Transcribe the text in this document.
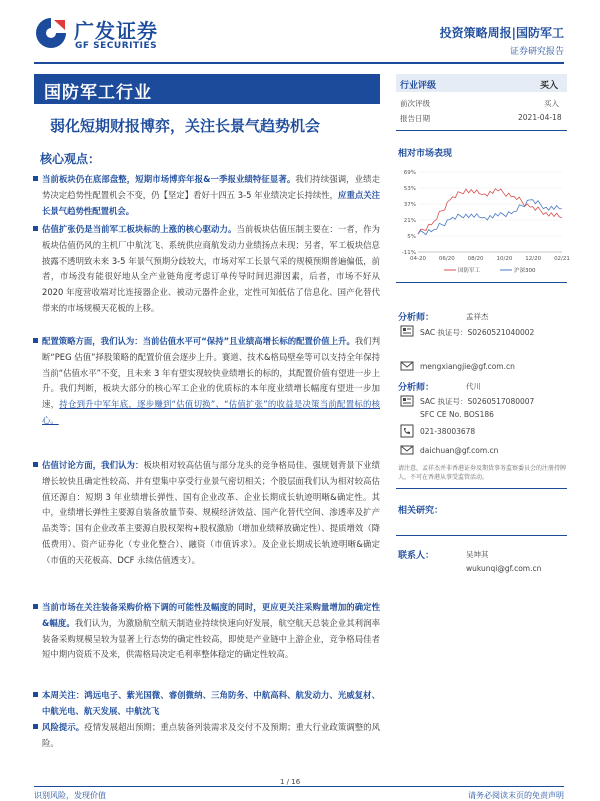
广发证券
GF SECURITIES
投资策略周报|国防军工
证券研究报告
国防军工行业
弱化短期财报博弈，关注长景气趋势机会
核心观点：
当前板块仍在底部盘整，短期市场博弈年报&一季报业绩特征显著。我们持续强调，业绩走势决定趋势性配置机会不变，仍【坚定】看好十四五 3-5 年业绩决定长持续性，应重点关注长景气趋势性配置机会。
估值扩张仍是当前军工板块标的上涨的核心驱动力。当前板块估值压制主要在：一者，作为板块估值仍风的主机厂中航沈飞、系统供应商航发动力业绩扬点未现；另者，军工板块信息披露不透明致未来 3-5 年景气预期分歧较大，市场对军工长景气采的规模预期普遍偏低，前者，市场没有能很好地从全产业链角度考虑订单传导时间迟滞因素，后者，市场不好从 2020 年度营收端对比连接器企业、被动元器件企业，定性可知低估了信息化、国产化替代带来的市场规模天花板的上移。
配置策略方面，我们认为：当前估值水平可“保持”且业绩高增长标的配置价值上升。我们判断“PEG 估值”择股策略的配置价值会逐步上升。赛道、技术&格局壁垒等可以支持全年保持当前“估值水平”不变，且未来 3 年有望实现较快业绩增长的标的，其配置价值有望进一步上升。我们判断，板块大部分的核心军工企业的优质标的本年度业绩增长幅度有望进一步加速，持仓到升中军年底，逐步赚到“估值切换”、“估值扩张”的收益是决策当前配置标的核心。
估值讨论方面，我们认为：板块相对较高估值与部分龙头的竞争格局佳、强规划背景下业绩增长较快且确定性较高、并有望集中享受行业景气密切相关；个股层面我们认为相对较高估值还源自：短期 3 年业绩增长弹性、国有企业改革、企业长期成长轨迹明晰&确定性。其中，业绩增长弹性主要源自装备放量节奏、规模经济效益、国产化替代空间、渗透率及扩产品类等；国有企业改革主要源自股权架构+股权激励（增加业绩释放确定性）、提质增效（降低费用）、资产证券化（专业化整合）、融资（市值诉求）。及企业长期成长轨迹明晰&确定（市值的天花板高、DCF 永续估值透支）。
当前市场在关注装备采购价格下调的可能性及幅度的同时，更应更关注采购量增加的确定性&幅度。我们认为，为激励航空航天制造业持续快速向好发展，航空航天总装企业其利润率装备采购规模呈较为显著上行态势的确定性较高，即使是产业链中上游企业，竞争格局佳者短中期内资质不及来，供需格局决定毛利率整体稳定的确定性较高。
本周关注：鸿远电子、紫光国微、睿创微纳、三角防务、中航高科、航发动力、光威复材、中航光电、航天发展、中航沈飞
风险提示。疫情发展超出预期；重点装备列装需求及交付不及预期；重大行业政策调整的风险。
行业评级	买入
前次评级	买入
报告日期	2021-04-18
相对市场表现
69%
53%
37%
21%
5%
-11%
04-20 06/20 08/20 10/20 12/20 02/21
国防军工	沪深300
分析师：	孟祥杰
SAC 执证号：S0260521040002
mengxiangjie@gf.com.cn
分析师：	代川
SAC 执证号：S0260517080007
SFC CE No. BOS186
021-38003678
daichuan@gf.com.cn
请注意，孟祥杰并非香港证券及期货事务监察委员会的注册持牌人，不可在香港从事受监管活动。
相关研究：
联系人：	吴坤其
wukunqi@gf.com.cn
1 / 16
识别风险，发现价值	请务必阅读末页的免责声明
